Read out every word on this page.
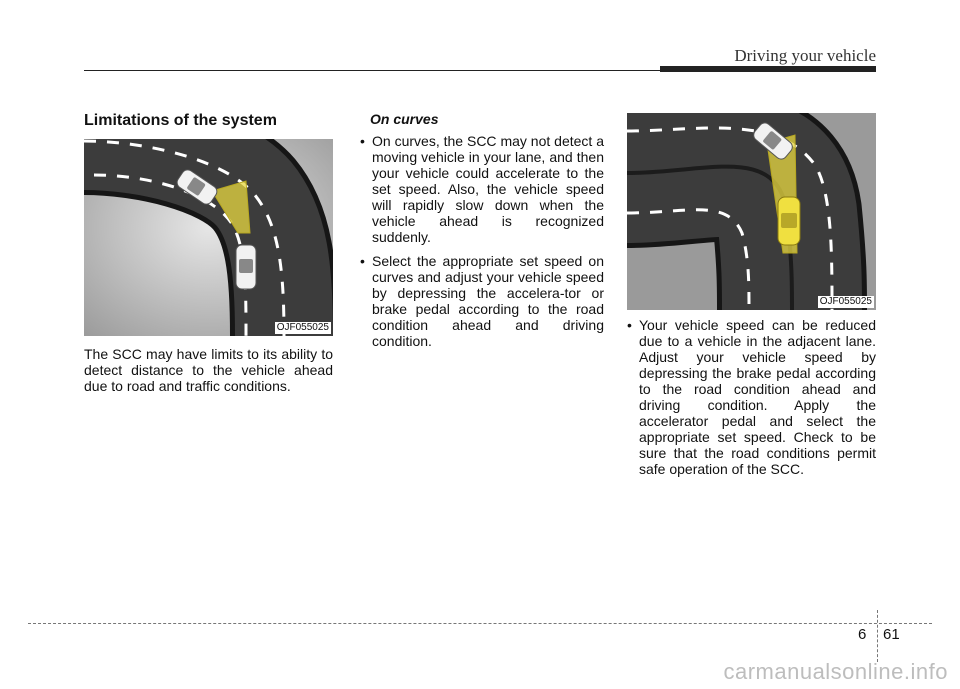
Driving your vehicle
Limitations of the system
OJF055025

The SCC may have limits to its ability to detect distance to the vehicle ahead due to road and traffic conditions.

On curves
• On curves, the SCC may not detect a moving vehicle in your lane, and then your vehicle could accelerate to the set speed. Also, the vehicle speed will rapidly slow down when the vehicle ahead is recognized suddenly.
• Select the appropriate set speed on curves and adjust your vehicle speed by depressing the accelera-tor or brake pedal according to the road condition ahead and driving condition.
OJF055025
• Your vehicle speed can be reduced due to a vehicle in the adjacent lane. Adjust your vehicle speed by depressing the brake pedal according to the road condition ahead and driving condition. Apply the accelerator pedal and select the appropriate set speed. Check to be sure that the road conditions permit safe operation of the SCC.
6 61
carmanualsonline.info
